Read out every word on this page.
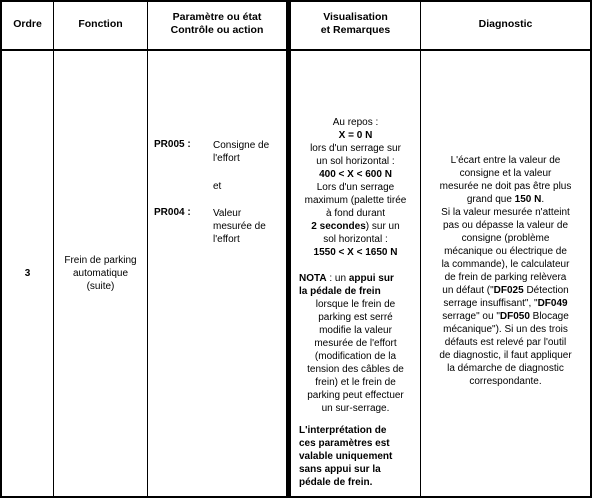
Ordre	Fonction
Paramètre ou état
Contrôle ou action
Visualisation
et Remarques	Diagnostic
3
Frein de parking
automatique
(suite)
PR005 : Consigne de
l'effort
et
PR004 : Valeur
mesurée de
l'effort
Au repos :
X = 0 N
lors d'un serrage sur
un sol horizontal :
400 < X < 600 N
Lors d'un serrage
maximum (palette tirée
à fond durant
2 secondes) sur un
sol horizontal :
1550 < X < 1650 N
NOTA : un appui sur
la pédale de frein
lorsque le frein de
parking est serré
modifie la valeur
mesurée de l'effort
(modification de la
tension des câbles de
frein) et le frein de
parking peut effectuer
un sur-serrage.
L'interprétation de
ces paramètres est
valable uniquement
sans appui sur la
pédale de frein.
L'écart entre la valeur de
consigne et la valeur
mesurée ne doit pas être plus
grand que 150 N.
Si la valeur mesurée n'atteint
pas ou dépasse la valeur de
consigne (problème
mécanique ou électrique de
la commande), le calculateur
de frein de parking relèvera
un défaut ("DF025 Détection
serrage insuffisant", "DF049
serrage" ou "DF050 Blocage
mécanique"). Si un des trois
défauts est relevé par l'outil
de diagnostic, il faut appliquer
la démarche de diagnostic
correspondante.
